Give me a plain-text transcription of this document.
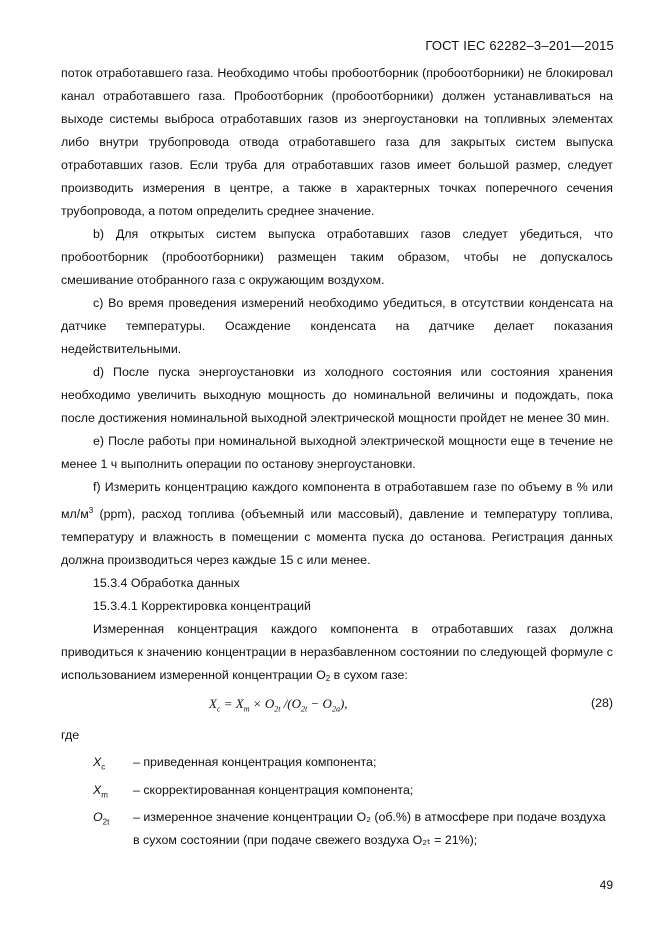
ГОСТ IEC 62282–3–201—2015

поток отработавшего газа. Необходимо чтобы пробоотборник (пробоотборники) не блокировал канал отработавшего газа. Пробоотборник (пробоотборники) должен устанавливаться на выходе системы выброса отработавших газов из энергоустановки на топливных элементах либо внутри трубопровода отвода отработавшего газа для закрытых систем выпуска отработавших газов. Если труба для отработавших газов имеет большой размер, следует производить измерения в центре, а также в характерных точках поперечного сечения трубопровода, а потом определить среднее значение.

b) Для открытых систем выпуска отработавших газов следует убедиться, что пробоотборник (пробоотборники) размещен таким образом, чтобы не допускалось смешивание отобранного газа с окружающим воздухом.

c) Во время проведения измерений необходимо убедиться, в отсутствии конденсата на датчике температуры. Осаждение конденсата на датчике делает показания недействительными.

d) После пуска энергоустановки из холодного состояния или состояния хранения необходимо увеличить выходную мощность до номинальной величины и подождать, пока после достижения номинальной выходной электрической мощности пройдет не менее 30 мин.

e) После работы при номинальной выходной электрической мощности еще в течение не менее 1 ч выполнить операции по останову энергоустановки.

f) Измерить концентрацию каждого компонента в отработавшем газе по объему в % или $мл/м^3$ (ppm), расход топлива (объемный или массовый), давление и температуру топлива, температуру и влажность в помещении с момента пуска до останова. Регистрация данных должна производиться через каждые 15 с или менее.

15.3.4 Обработка данных

15.3.4.1 Корректировка концентраций

Измеренная концентрация каждого компонента в отработавших газах должна приводиться к значению концентрации в неразбавленном состоянии по следующей формуле с использованием измеренной концентрации O2 в сухом газе:

$X_c = X_m \times O_{2t}$ $/(O_{2t} - O_{2a})$,	(28)

где

$X_c$	– приведенная концентрация компонента;
$X_m$	– скорректированная концентрация компонента;
$O_{2t}$	– измеренное значение концентрации O₂ (об.%) в атмосфере при подаче воздуха в сухом состоянии (при подаче свежего воздуха O₂ₜ = 21%);
49
